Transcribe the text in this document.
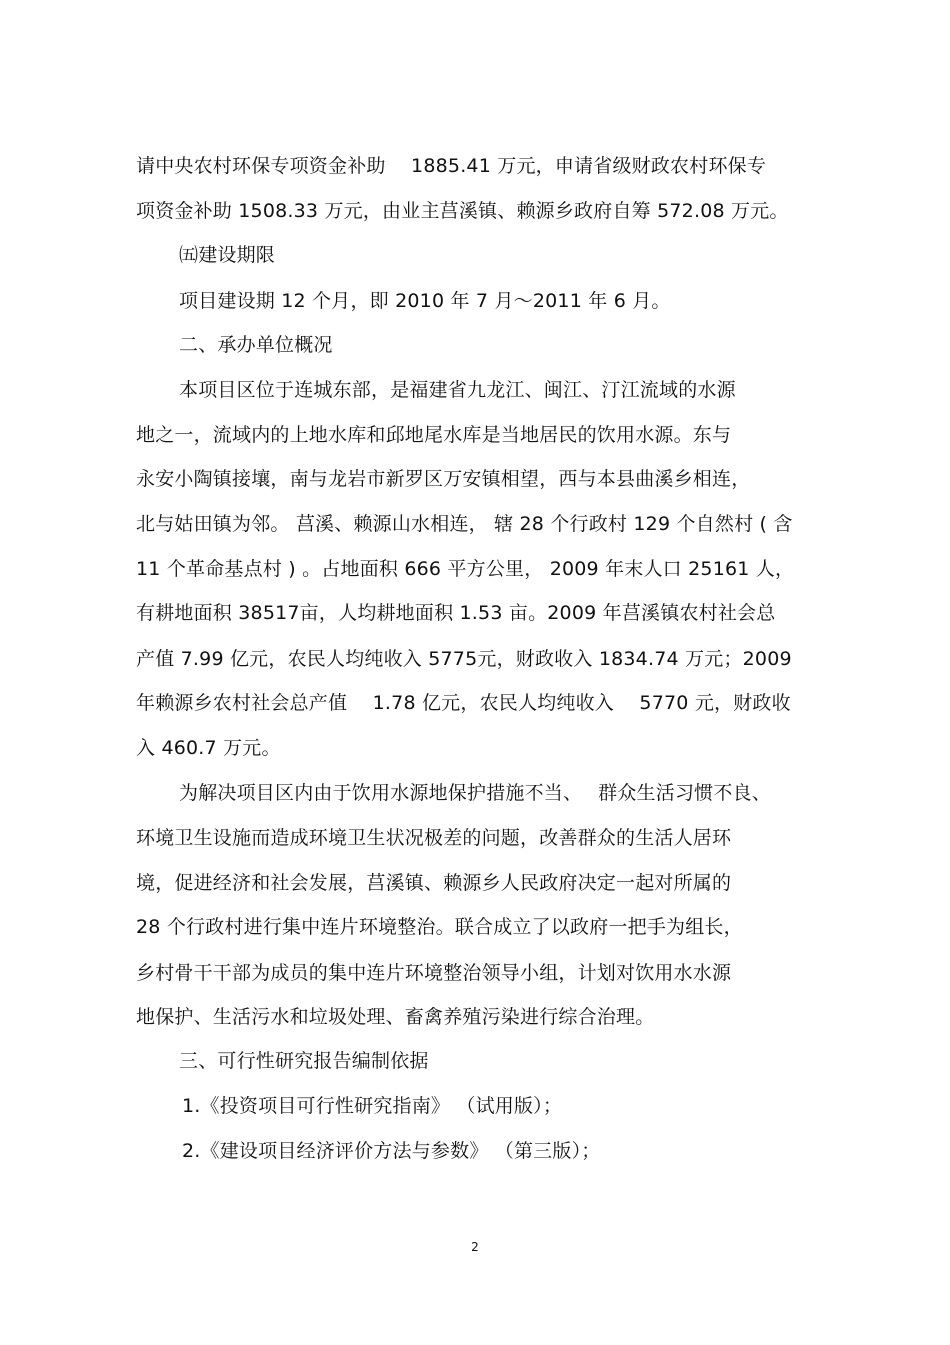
请中央农村环保专项资金补助　 1885.41 万元，申请省级财政农村环保专
项资金补助 1508.33 万元，由业主莒溪镇、赖源乡政府自筹 572.08 万元。
㈤建设期限
项目建设期 12 个月，即 2010 年 7 月～2011 年 6 月。
二、承办单位概况
本项目区位于连城东部，是福建省九龙江、闽江、汀江流域的水源
地之一，流域内的上地水库和邱地尾水库是当地居民的饮用水源。东与
永安小陶镇接壤，南与龙岩市新罗区万安镇相望，西与本县曲溪乡相连，
北与姑田镇为邻。 莒溪、赖源山水相连， 辖 28 个行政村 129 个自然村 ( 含
11 个革命基点村 ) 。占地面积 666 平方公里， 2009 年末人口 25161 人，
有耕地面积 38517亩，人均耕地面积 1.53 亩。2009 年莒溪镇农村社会总
产值 7.99 亿元，农民人均纯收入 5775元，财政收入 1834.74 万元；2009
年赖源乡农村社会总产值　 1.78 亿元，农民人均纯收入　 5770 元，财政收
入 460.7 万元。
为解决项目区内由于饮用水源地保护措施不当、　 群众生活习惯不良、
环境卫生设施而造成环境卫生状况极差的问题，改善群众的生活人居环
境，促进经济和社会发展，莒溪镇、赖源乡人民政府决定一起对所属的
28 个行政村进行集中连片环境整治。联合成立了以政府一把手为组长，
乡村骨干干部为成员的集中连片环境整治领导小组，计划对饮用水水源
地保护、生活污水和垃圾处理、畜禽养殖污染进行综合治理。
三、可行性研究报告编制依据
1.《投资项目可行性研究指南》 （试用版）；
2.《建设项目经济评价方法与参数》 （第三版）；
2
